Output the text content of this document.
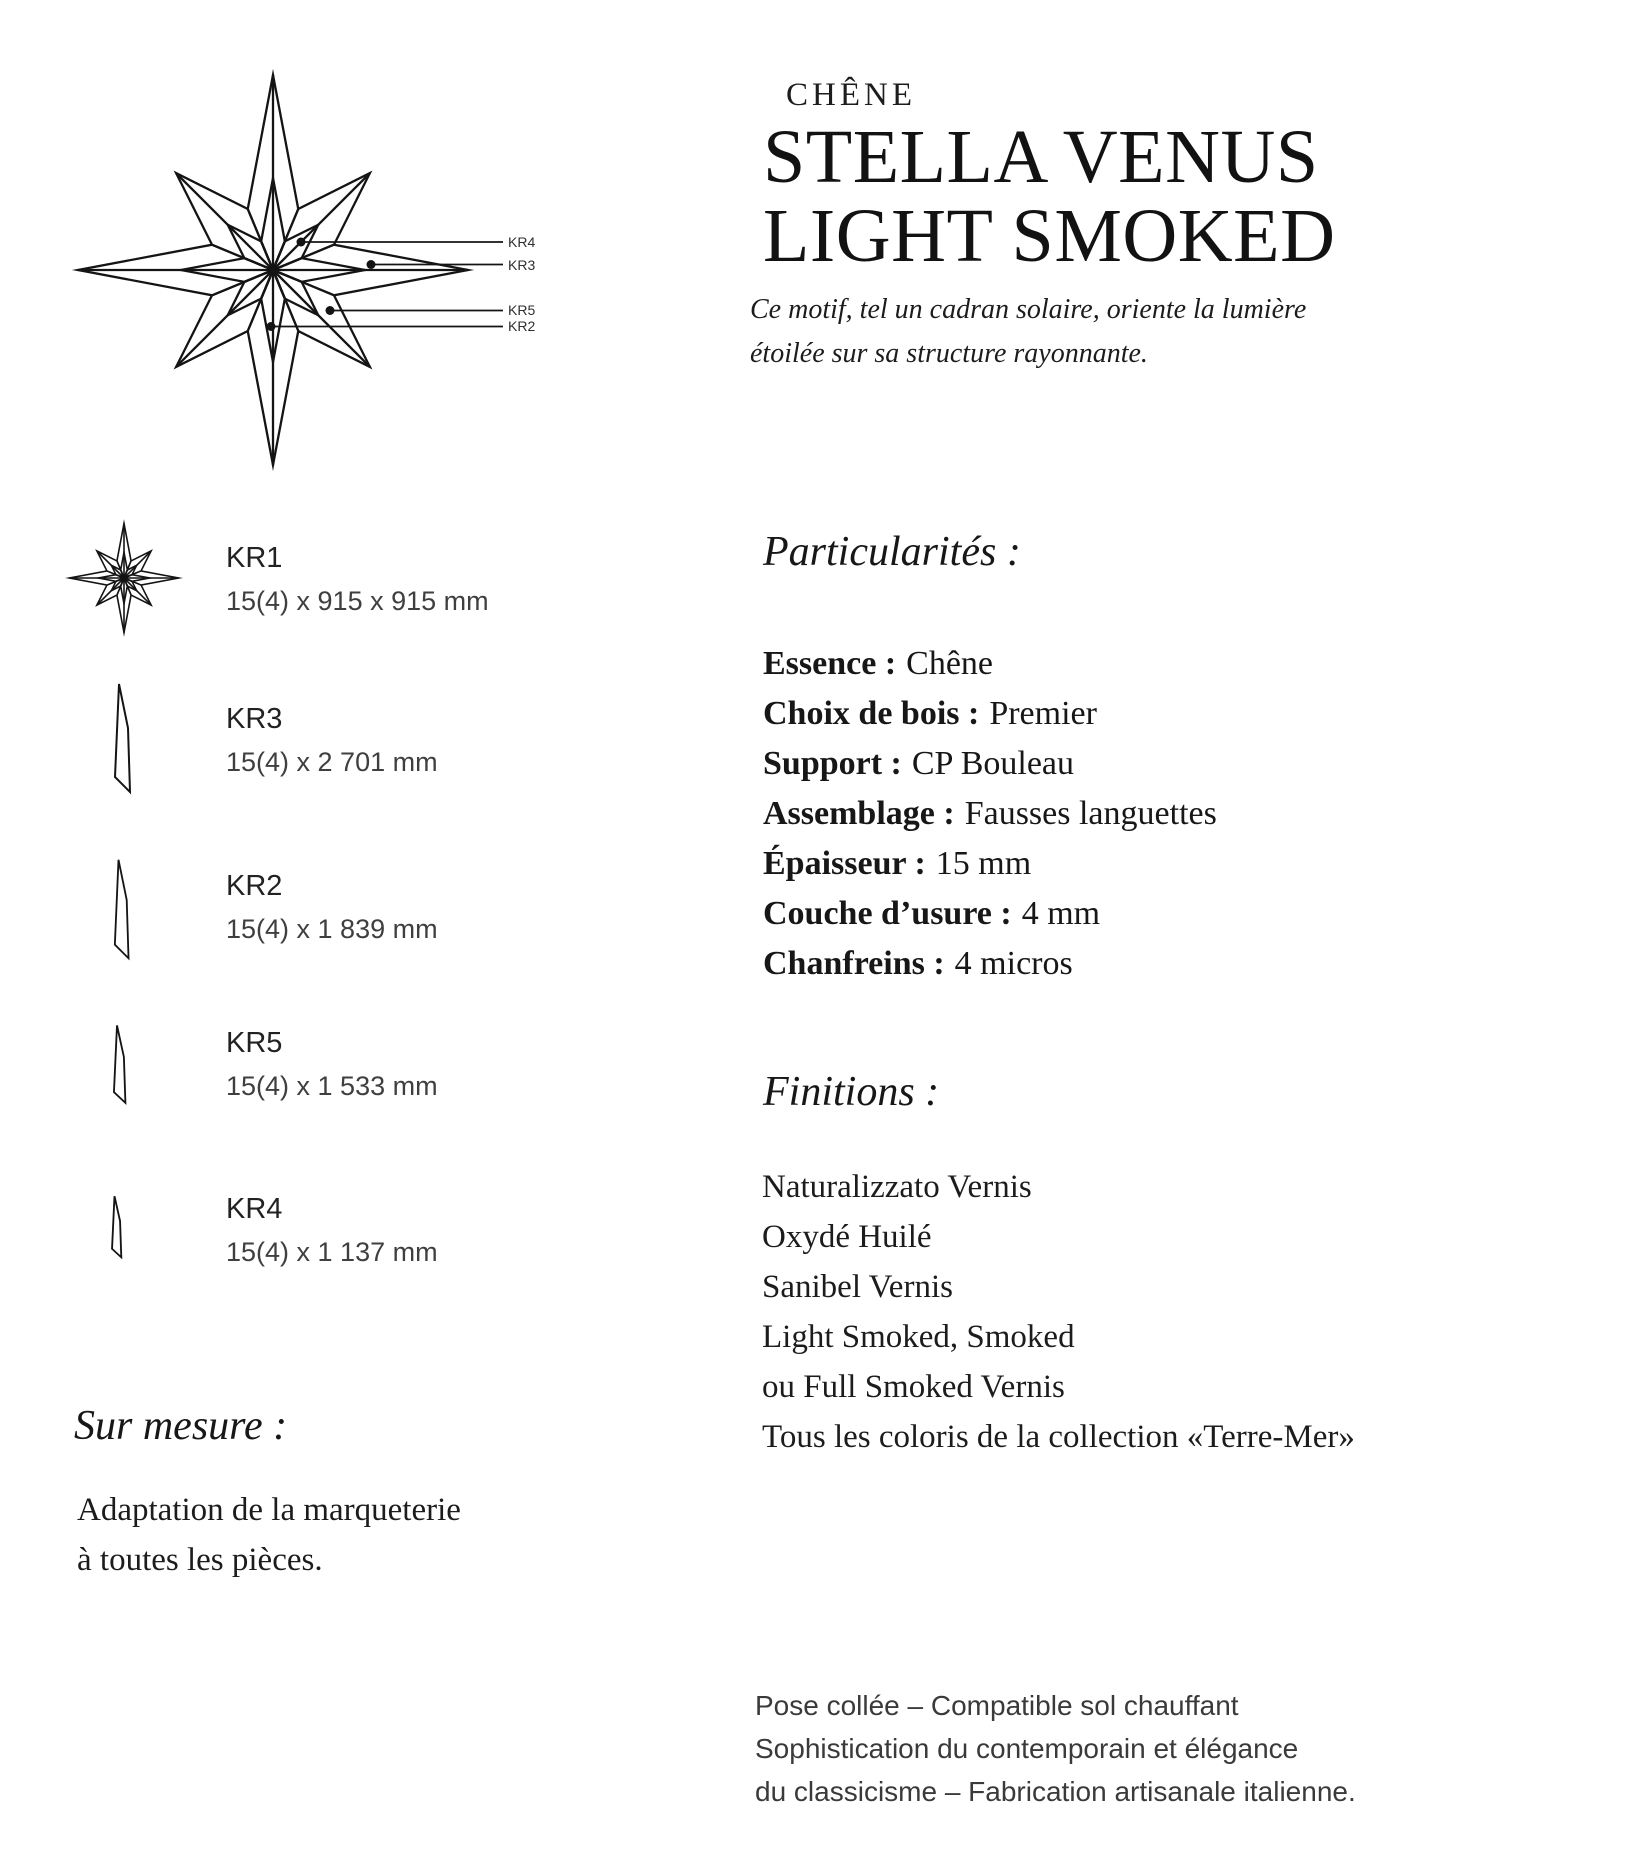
KR4
KR3
KR5
KR2
KR1
15(4) x 915 x 915 mm
KR3
15(4) x 2 701 mm
KR2
15(4) x 1 839 mm
KR5
15(4) x 1 533 mm
KR4
15(4) x 1 137 mm
Sur mesure :
Adaptation de la marqueterie
à toutes les pièces.
CHÊNE
STELLA VENUS
LIGHT SMOKED
Ce motif, tel un cadran solaire, oriente la lumière
étoilée sur sa structure rayonnante.
Particularités :
Essence : Chêne
Choix de bois : Premier
Support : CP Bouleau
Assemblage : Fausses languettes
Épaisseur : 15 mm
Couche d’usure : 4 mm
Chanfreins : 4 micros
Finitions :
Naturalizzato Vernis
Oxydé Huilé
Sanibel Vernis
Light Smoked, Smoked
ou Full Smoked Vernis
Tous les coloris de la collection «Terre-Mer»
Pose collée – Compatible sol chauffant
Sophistication du contemporain et élégance
du classicisme – Fabrication artisanale italienne.
